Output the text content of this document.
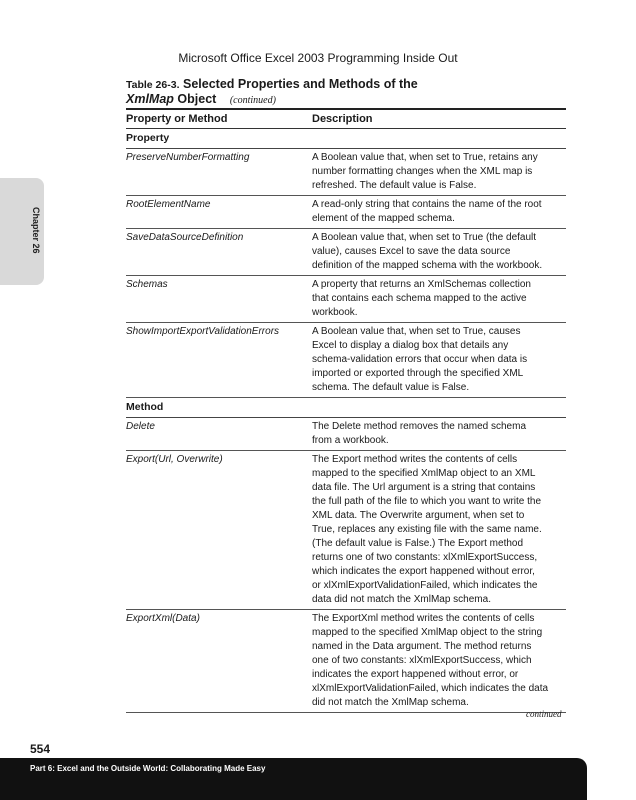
Microsoft Office Excel 2003 Programming Inside Out
Chapter 26
Table 26-3. Selected Properties and Methods of the
XmlMap Object (continued)
Property or Method	Description
Property
PreserveNumberFormatting	A Boolean value that, when set to True, retains any
number formatting changes when the XML map is
refreshed. The default value is False.
RootElementName	A read-only string that contains the name of the root
element of the mapped schema.
SaveDataSourceDefinition	A Boolean value that, when set to True (the default
value), causes Excel to save the data source
definition of the mapped schema with the workbook.
Schemas	A property that returns an XmlSchemas collection
that contains each schema mapped to the active
workbook.
ShowImportExportValidationErrors	A Boolean value that, when set to True, causes
Excel to display a dialog box that details any
schema-validation errors that occur when data is
imported or exported through the specified XML
schema. The default value is False.
Method
Delete	The Delete method removes the named schema
from a workbook.
Export(Url, Overwrite)	The Export method writes the contents of cells
mapped to the specified XmlMap object to an XML
data file. The Url argument is a string that contains
the full path of the file to which you want to write the
XML data. The Overwrite argument, when set to
True, replaces any existing file with the same name.
(The default value is False.) The Export method
returns one of two constants: xlXmlExportSuccess,
which indicates the export happened without error,
or xlXmlExportValidationFailed, which indicates the
data did not match the XmlMap schema.
ExportXml(Data)	The ExportXml method writes the contents of cells
mapped to the specified XmlMap object to the string
named in the Data argument. The method returns
one of two constants: xlXmlExportSuccess, which
indicates the export happened without error, or
xlXmlExportValidationFailed, which indicates the data
did not match the XmlMap schema.
continued
554
Part 6: Excel and the Outside World: Collaborating Made Easy
